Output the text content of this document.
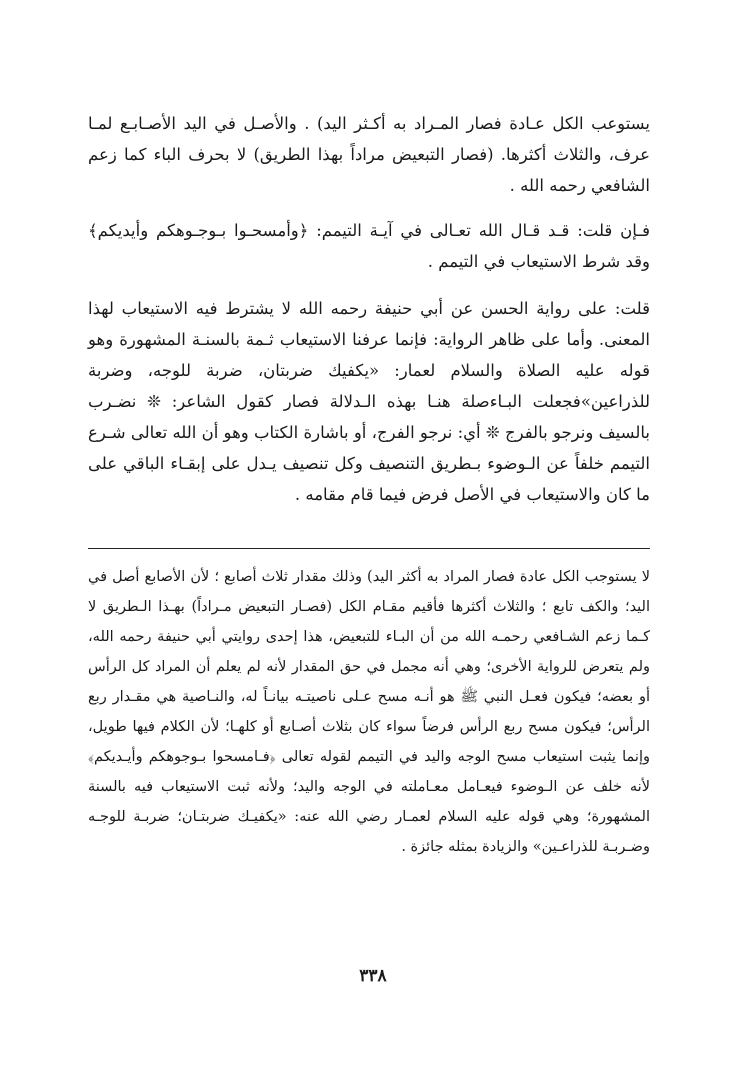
يستوعب الكل عـادة فصار المـراد به أكـثر اليد) . والأصـل في اليد الأصـابـع لمـا عرف، والثلاث أكثرها. (فصار التبعيض مراداً بهذا الطريق) لا بحرف الباء كما زعم الشافعي رحمه الله .

فـإن قلت: قـد قـال الله تعـالى في آيـة التيمم: ﴿وأمسحـوا بـوجـوهكم وأيديكم﴾ وقد شرط الاستيعاب في التيمم .

قلت: على رواية الحسن عن أبي حنيفة رحمه الله لا يشترط فيه الاستيعاب لهذا المعنى. وأما على ظاهر الرواية: فإنما عرفنا الاستيعاب ثـمة بالسنـة المشهورة وهو قوله عليه الصلاة والسلام لعمار: «يكفيك ضربتان، ضربة للوجه، وضربة للذراعين»فجعلت البـاءصلة هنـا بهذه الـدلالة فصار كقول الشاعر: ❊ نضـرب بالسيف ونرجو بالفرج ❊ أي: نرجو الفرج، أو باشارة الكتاب وهو أن الله تعالى شـرع التيمم خلفاً عن الـوضوء بـطريق التنصيف وكل تنصيف يـدل على إبقـاء الباقي على ما كان والاستيعاب في الأصل فرض فيما قام مقامه .

لا يستوجب الكل عادة فصار المراد به أكثر اليد) وذلك مقدار ثلاث أصابع ؛ لأن الأصابع أصل في اليد؛ والكف تابع ؛ والثلاث أكثرها فأقيم مقـام الكل (فصـار التبعيض مـراداً) بهـذا الـطريق لا كـما زعم الشـافعي رحمـه الله من أن البـاء للتبعيض، هذا إحدى روايتي أبي حنيفة رحمه الله، ولم يتعرض للرواية الأخرى؛ وهي أنه مجمل في حق المقدار لأنه لم يعلم أن المراد كل الرأس أو بعضه؛ فيكون فعـل النبي ﷺ هو أنـه مسح عـلى ناصيتـه بيانـاً له، والنـاصية هي مقـدار ربع الرأس؛ فيكون مسح ربع الرأس فرضاً سواء كان بثلاث أصـابع أو كلهـا؛ لأن الكلام فيها طويل، وإنما يثبت استيعاب مسح الوجه واليد في التيمم لقوله تعالى ﴿فـامسحوا بـوجوهكم وأيـديكم﴾ لأنه خلف عن الـوضوء فيعـامل معـاملته في الوجه واليد؛ ولأنه ثبت الاستيعاب فيه بالسنة المشهورة؛ وهي قوله عليه السلام لعمـار رضي الله عنه: «يكفيـك ضربتـان؛ ضربـة للوجـه وضـربـة للذراعـين» والزيادة بمثله جائزة .

٣٣٨
